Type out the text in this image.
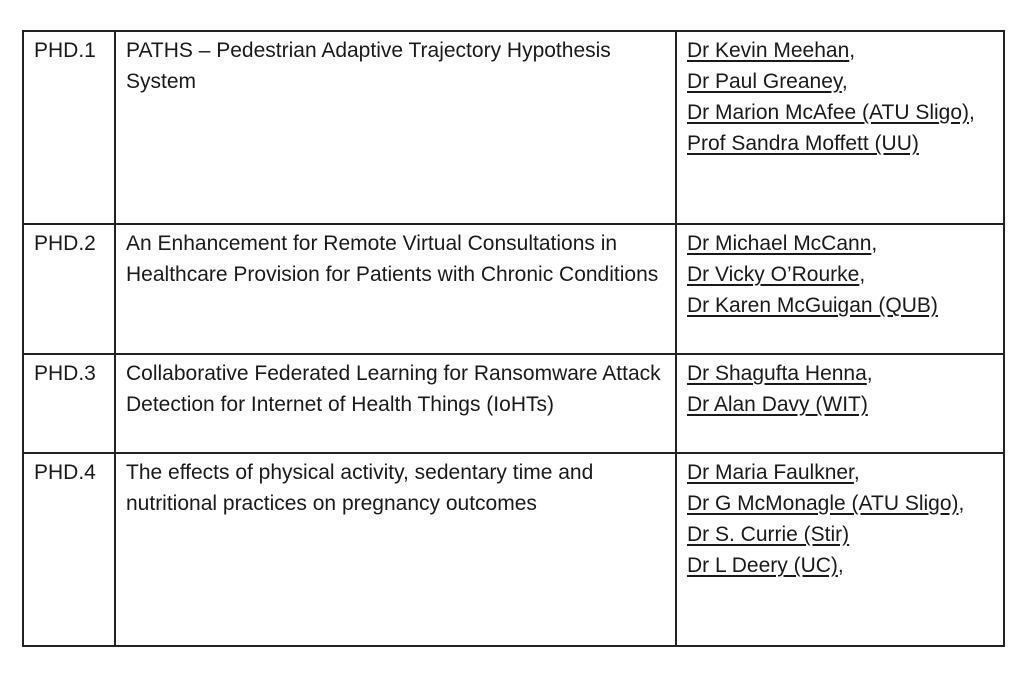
PHD.1	PATHS – Pedestrian Adaptive Trajectory Hypothesis System	Dr Kevin Meehan,
Dr Paul Greaney,
Dr Marion McAfee (ATU Sligo),
Prof Sandra Moffett (UU)

PHD.2	An Enhancement for Remote Virtual Consultations in Healthcare Provision for Patients with Chronic Conditions	Dr Michael McCann,
Dr Vicky O’Rourke,
Dr Karen McGuigan (QUB)

PHD.3	Collaborative Federated Learning for Ransomware Attack Detection for Internet of Health Things (IoHTs)	Dr Shagufta Henna,
Dr Alan Davy (WIT)

PHD.4	The effects of physical activity, sedentary time and nutritional practices on pregnancy outcomes	Dr Maria Faulkner,
Dr G McMonagle (ATU Sligo),
Dr S. Currie (Stir)
Dr L Deery (UC),
